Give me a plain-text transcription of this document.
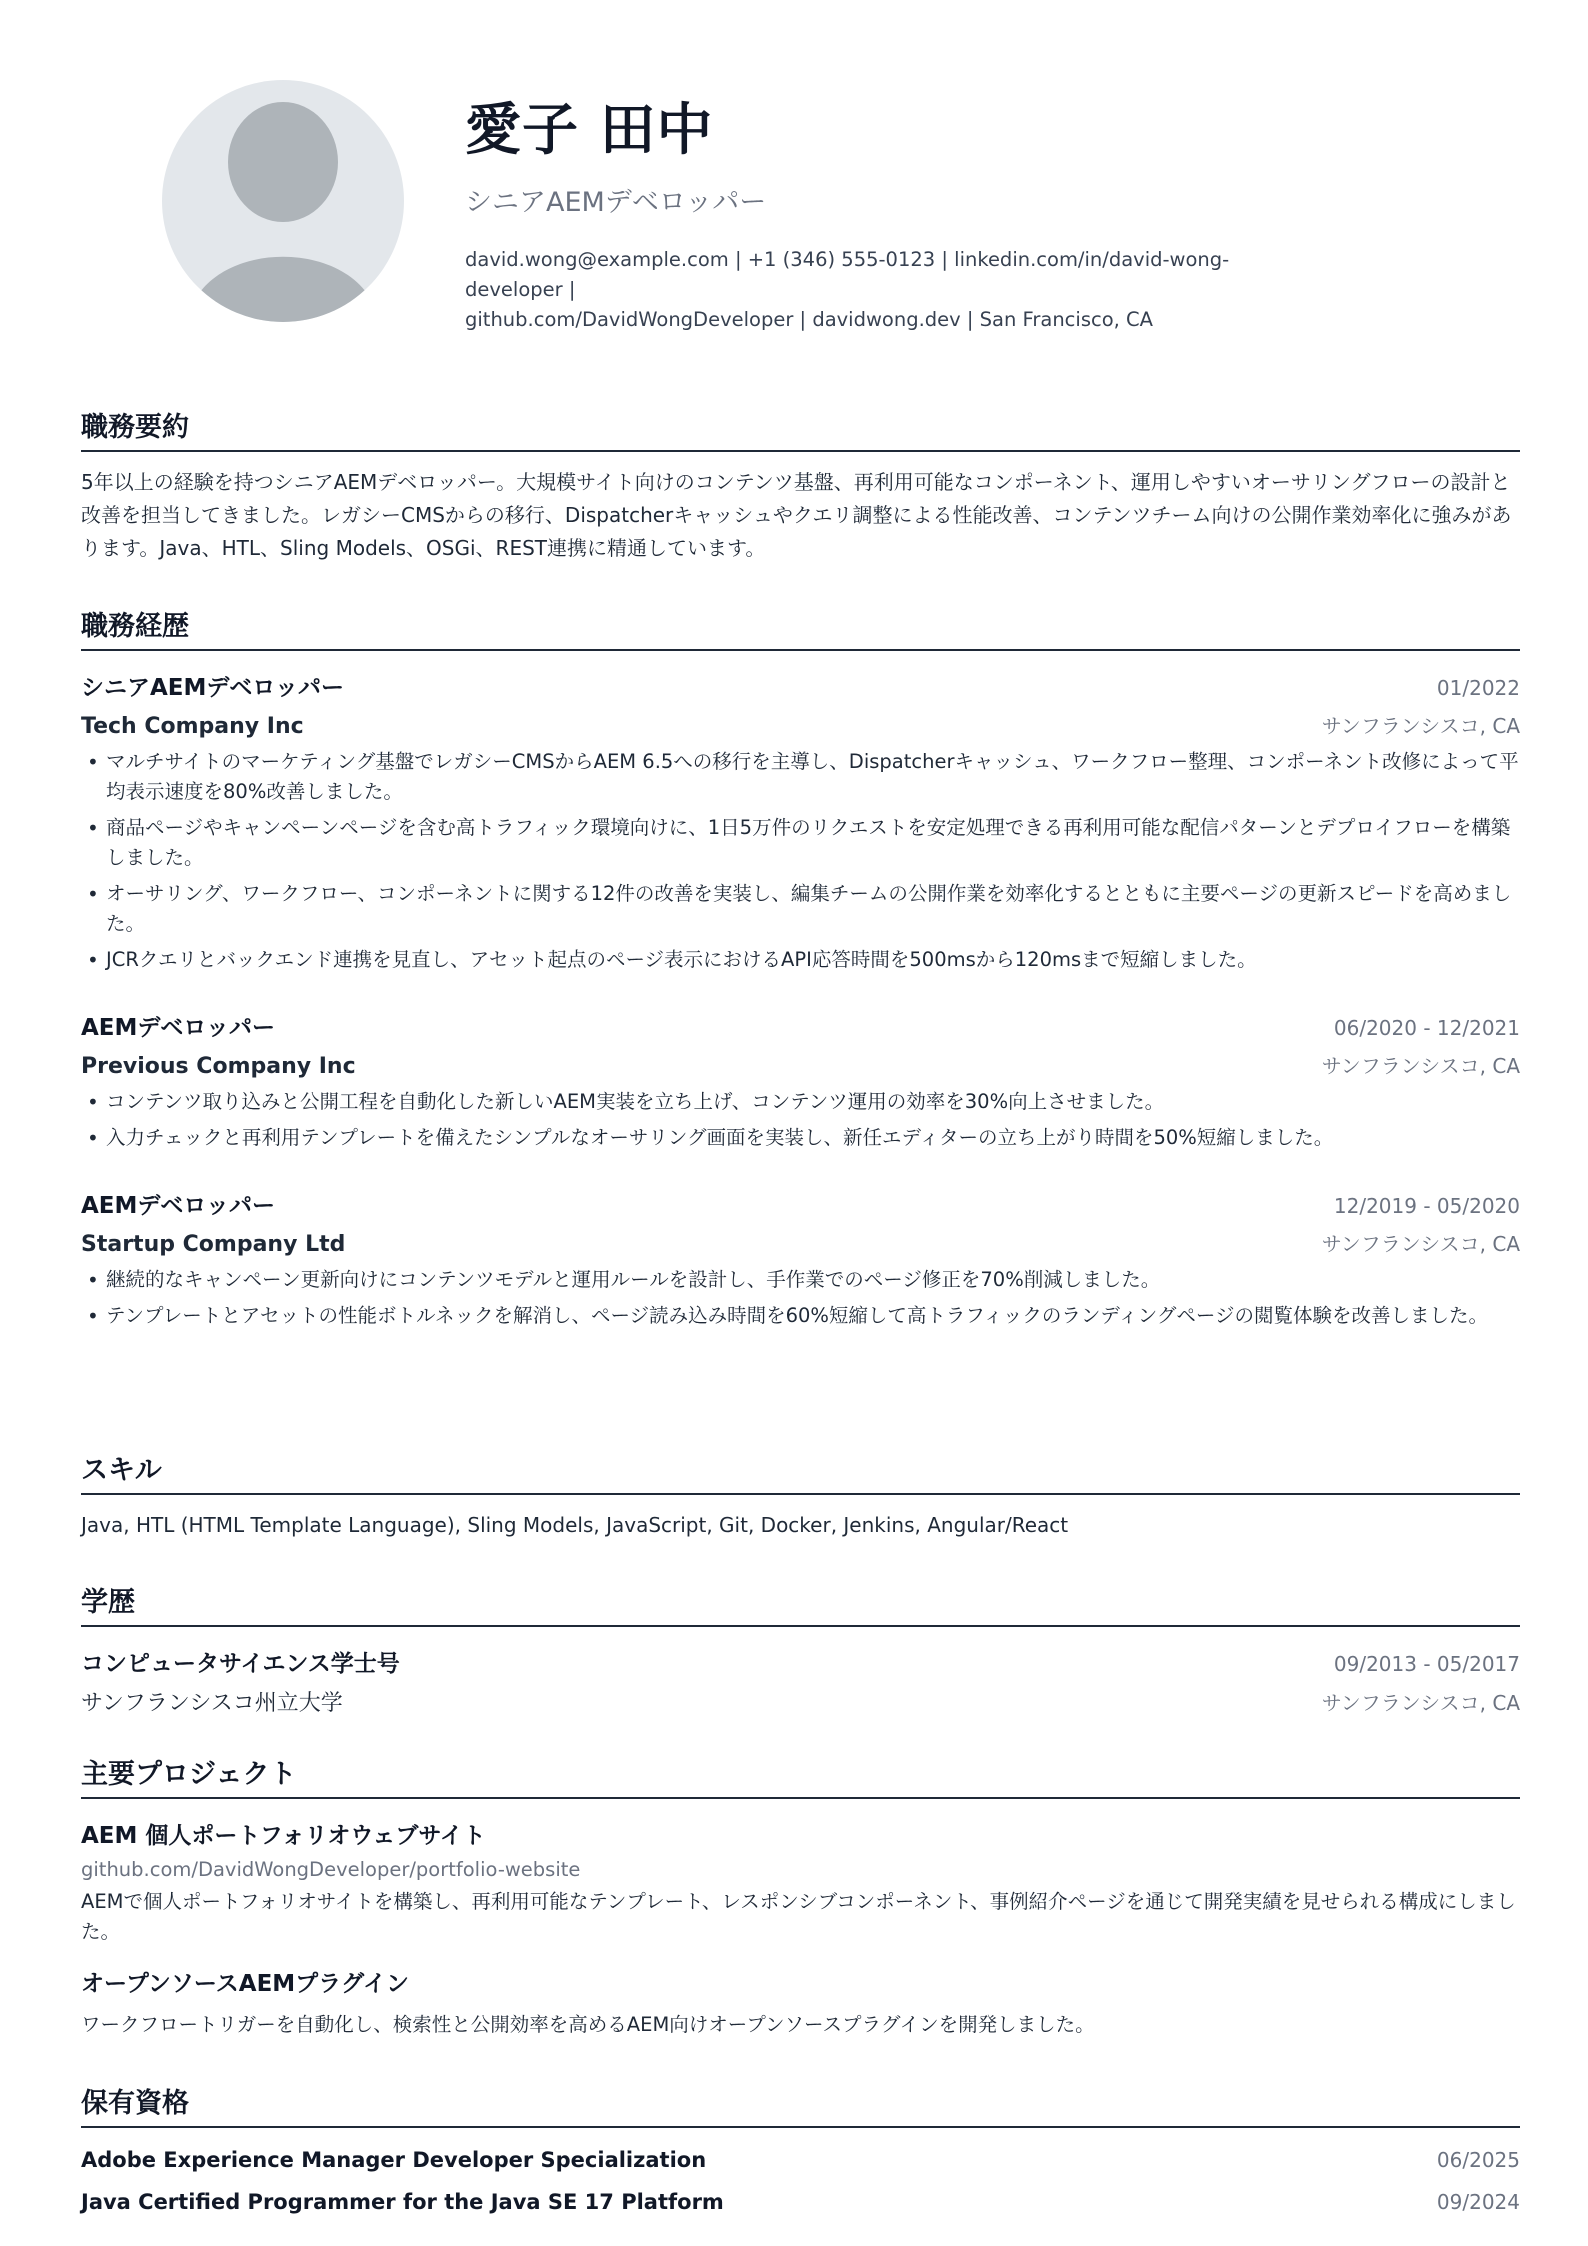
愛子 田中
シニアAEMデベロッパー
david.wong@example.com | +1 (346) 555-0123 | linkedin.com/in/david-wong-developer |
github.com/DavidWongDeveloper | davidwong.dev | San Francisco, CA
職務要約
5年以上の経験を持つシニアAEMデベロッパー。大規模サイト向けのコンテンツ基盤、再利用可能なコンポーネント、運用しやすいオーサリングフローの設計と改善を担当してきました。レガシーCMSからの移行、Dispatcherキャッシュやクエリ調整による性能改善、コンテンツチーム向けの公開作業効率化に強みがあります。Java、HTL、Sling Models、OSGi、REST連携に精通しています。
職務経歴
シニアAEMデベロッパー	01/2022
Tech Company Inc	サンフランシスコ, CA
• マルチサイトのマーケティング基盤でレガシーCMSからAEM 6.5への移行を主導し、Dispatcherキャッシュ、ワークフロー整理、コンポーネント改修によって平均表示速度を80%改善しました。
• 商品ページやキャンペーンページを含む高トラフィック環境向けに、1日5万件のリクエストを安定処理できる再利用可能な配信パターンとデプロイフローを構築しました。
• オーサリング、ワークフロー、コンポーネントに関する12件の改善を実装し、編集チームの公開作業を効率化するとともに主要ページの更新スピードを高めました。
• JCRクエリとバックエンド連携を見直し、アセット起点のページ表示におけるAPI応答時間を500msから120msまで短縮しました。
AEMデベロッパー	06/2020 - 12/2021
Previous Company Inc	サンフランシスコ, CA
• コンテンツ取り込みと公開工程を自動化した新しいAEM実装を立ち上げ、コンテンツ運用の効率を30%向上させました。
• 入力チェックと再利用テンプレートを備えたシンプルなオーサリング画面を実装し、新任エディターの立ち上がり時間を50%短縮しました。
AEMデベロッパー	12/2019 - 05/2020
Startup Company Ltd	サンフランシスコ, CA
• 継続的なキャンペーン更新向けにコンテンツモデルと運用ルールを設計し、手作業でのページ修正を70%削減しました。
• テンプレートとアセットの性能ボトルネックを解消し、ページ読み込み時間を60%短縮して高トラフィックのランディングページの閲覧体験を改善しました。
スキル
Java, HTL (HTML Template Language), Sling Models, JavaScript, Git, Docker, Jenkins, Angular/React
学歴
コンピュータサイエンス学士号	09/2013 - 05/2017
サンフランシスコ州立大学	サンフランシスコ, CA
主要プロジェクト
AEM 個人ポートフォリオウェブサイト
github.com/DavidWongDeveloper/portfolio-website
AEMで個人ポートフォリオサイトを構築し、再利用可能なテンプレート、レスポンシブコンポーネント、事例紹介ページを通じて開発実績を見せられる構成にしました。
オープンソースAEMプラグイン
ワークフロートリガーを自動化し、検索性と公開効率を高めるAEM向けオープンソースプラグインを開発しました。
保有資格
Adobe Experience Manager Developer Specialization	06/2025
Java Certified Programmer for the Java SE 17 Platform	09/2024
